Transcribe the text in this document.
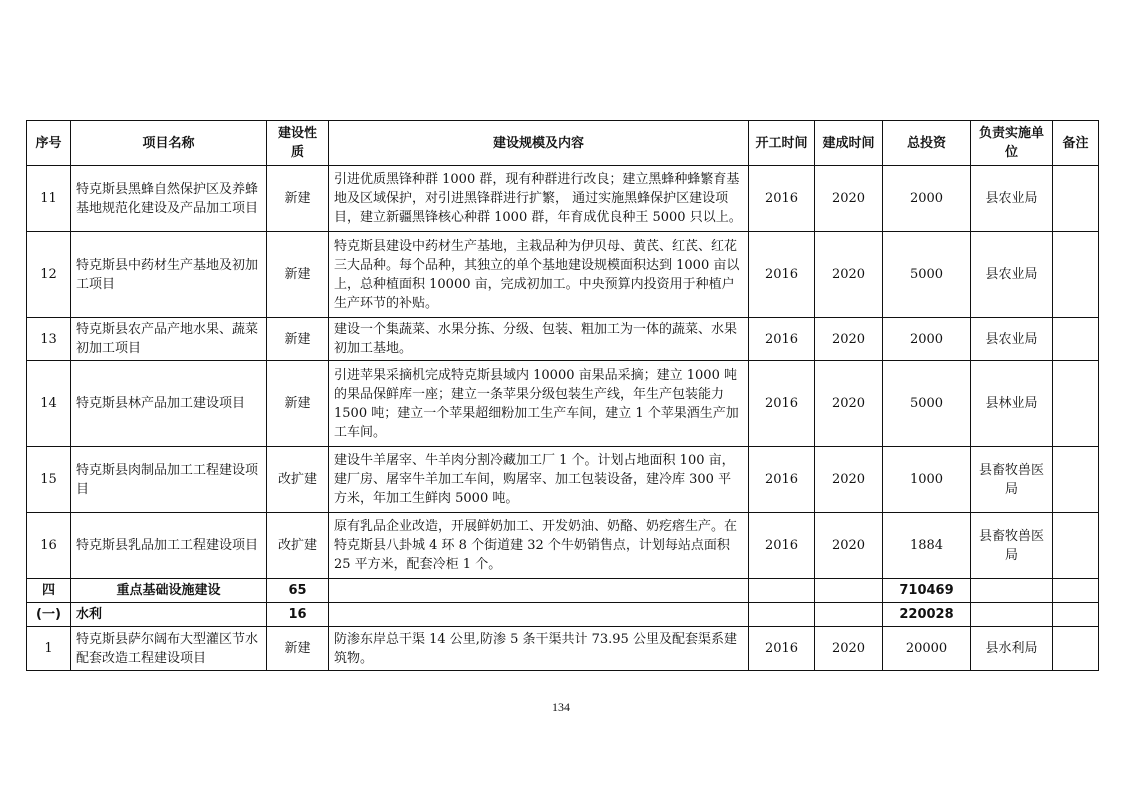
序号	项目名称	建设性质	建设规模及内容	开工时间	建成时间	总投资	负责实施单位	备注
11	特克斯县黑蜂自然保护区及养蜂基地规范化建设及产品加工项目	新建	引进优质黑锋种群 1000 群，现有种群进行改良；建立黑蜂种蜂繁育基地及区域保护，对引进黑锋群进行扩繁， 通过实施黑蜂保护区建设项目，建立新疆黑锋核心种群 1000 群，年育成优良种王 5000 只以上。	2016	2020	2000	县农业局	
12	特克斯县中药材生产基地及初加工项目	新建	特克斯县建设中药材生产基地，主栽品种为伊贝母、黄芪、红芪、红花三大品种。每个品种，其独立的单个基地建设规模面积达到 1000 亩以上，总种植面积 10000 亩，完成初加工。中央预算内投资用于种植户生产环节的补贴。	2016	2020	5000	县农业局	
13	特克斯县农产品产地水果、蔬菜初加工项目	新建	建设一个集蔬菜、水果分拣、分级、包装、粗加工为一体的蔬菜、水果初加工基地。	2016	2020	2000	县农业局	
14	特克斯县林产品加工建设项目	新建	引进苹果采摘机完成特克斯县域内 10000 亩果品采摘；建立 1000 吨的果品保鲜库一座；建立一条苹果分级包装生产线，年生产包装能力 1500 吨；建立一个苹果超细粉加工生产车间，建立 1 个苹果酒生产加工车间。	2016	2020	5000	县林业局	
15	特克斯县肉制品加工工程建设项目	改扩建	建设牛羊屠宰、牛羊肉分割冷藏加工厂 1 个。计划占地面积 100 亩，建厂房、屠宰牛羊加工车间，购屠宰、加工包装设备，建冷库 300 平方米，年加工生鲜肉 5000 吨。	2016	2020	1000	县畜牧兽医局	
16	特克斯县乳品加工工程建设项目	改扩建	原有乳品企业改造，开展鲜奶加工、开发奶油、奶酪、奶疙瘩生产。在特克斯县八卦城 4 环 8 个街道建 32 个牛奶销售点，计划每站点面积 25 平方米，配套冷柜 1 个。	2016	2020	1884	县畜牧兽医局	
四	重点基础设施建设	65				710469		
(一)	水利	16				220028		
1	特克斯县萨尔阔布大型灌区节水配套改造工程建设项目	新建	防渗东岸总干渠 14 公里,防渗 5 条干渠共计 73.95 公里及配套渠系建筑物。	2016	2020	20000	县水利局	
134
